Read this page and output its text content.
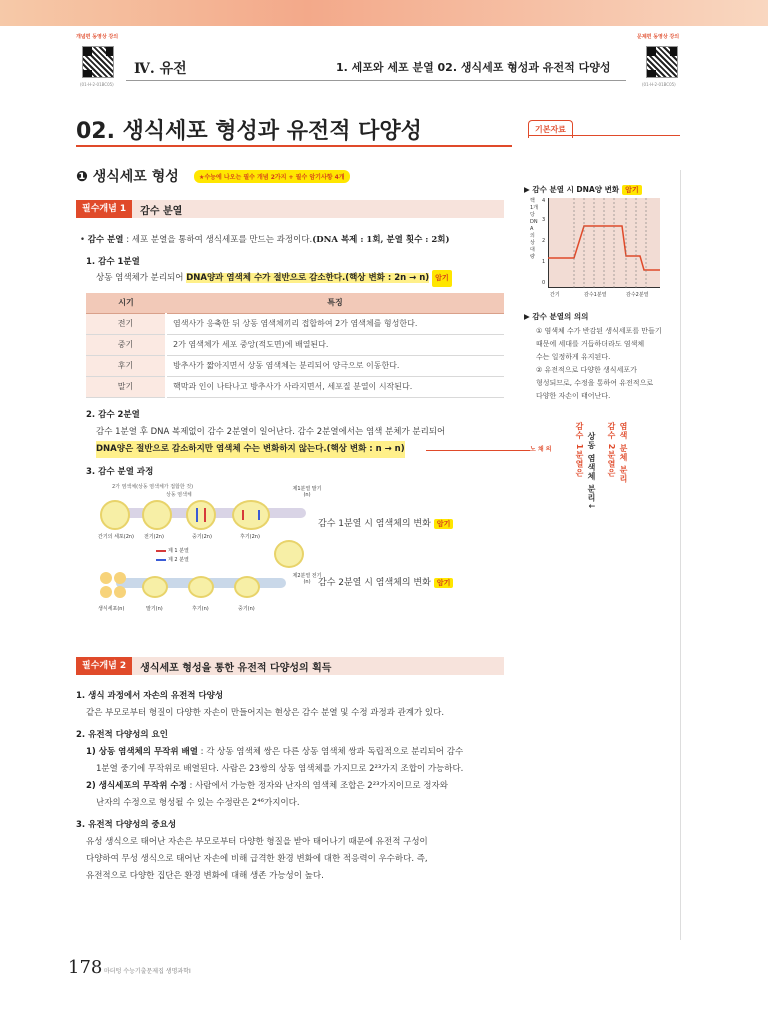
개념편 동영상 강의
(01-H-2-01BC05)
Ⅳ. 유전	1. 세포와 세포 분열 02. 생식세포 형성과 유전적 다양성
문제편 동영상 강의
(01-H-2-01BC05)
02. 생식세포 형성과 유전적 다양성
❶ 생식세포 형성	★수능에 나오는 필수 개념 2가지 + 필수 암기사항 4개
필수개념 1	감수 분열
• 감수 분열 : 세포 분열을 통하여 생식세포를 만드는 과정이다.(DNA 복제 : 1회, 분열 횟수 : 2회)
1. 감수 1분열
상동 염색체가 분리되어 DNA양과 염색체 수가 절반으로 감소한다.(핵상 변화 : 2n → n) 암기
시기	특징
전기	염색사가 응축한 뒤 상동 염색체끼리 접합하여 2가 염색체를 형성한다.
중기	2가 염색체가 세포 중앙(적도면)에 배열된다.
후기	방추사가 짧아지면서 상동 염색체는 분리되어 양극으로 이동한다.
말기	핵막과 인이 나타나고 방추사가 사라지면서, 세포질 분열이 시작된다.
2. 감수 2분열
감수 1분열 후 DNA 복제없이 감수 2분열이 일어난다. 감수 2분열에서는 염색 분체가 분리되어
DNA양은 절반으로 감소하지만 염색체 수는 변화하지 않는다.(핵상 변화 : n → n)
3. 감수 분열 과정
2가 염색체(상동 염색체가 접합한 것)
상동 염색체
간기의 세포(2n) 전기(2n)	중기(2n)	후기(2n)
제1분열 말기 (n)
제2분열 전기 (n)
제 1 분열
제 2 분열
생식세포(n)	말기(n)	후기(n)	중기(n)
감수 1분열 시 염색체의 변화 암기
감수 2분열 시 염색체의 변화 암기
필수개념 2	생식세포 형성을 통한 유전적 다양성의 획득
1. 생식 과정에서 자손의 유전적 다양성
같은 부모로부터 형질이 다양한 자손이 만들어지는 현상은 감수 분열 및 수정 과정과 관계가 있다.
2. 유전적 다양성의 요인
1) 상동 염색체의 무작위 배열 : 각 상동 염색체 쌍은 다른 상동 염색체 쌍과 독립적으로 분리되어 감수
1분열 중기에 무작위로 배열된다. 사람은 23쌍의 상동 염색체를 가지므로 2²³가지 조합이 가능하다.
2) 생식세포의 무작위 수정 : 사람에서 가능한 정자와 난자의 염색체 조합은 2²³가지이므로 정자와
난자의 수정으로 형성될 수 있는 수정란은 2⁴⁶가지이다.
3. 유전적 다양성의 중요성
유성 생식으로 태어난 자손은 부모로부터 다양한 형질을 받아 태어나기 때문에 유전적 구성이
다양하여 무성 생식으로 태어난 자손에 비해 급격한 환경 변화에 대한 적응력이 우수하다. 즉,
유전적으로 다양한 집단은 환경 변화에 대해 생존 가능성이 높다.
기본자료
▶ 감수 분열 시 DNA양 변화 암기
핵 1개당 DNA의 상대량
0
1
2
3
4
간기	감수1분열	감수2분열
▶ 감수 분열의 의의
① 염색체 수가 반감된 생식세포를 만들기
때문에 세대를 거듭하더라도 염색체
수는 일정하게 유지된다.
② 유전적으로 다양한 생식세포가
형성되므로, 수정을 통하여 유전적으로
다양한 자손이 태어난다.
노 채 의	감수 1분열은 상동 염색체 분리↓ 감수 2분열은 염색 분체 분리
178 마더텅 수능기출문제집 생명과학Ⅰ
